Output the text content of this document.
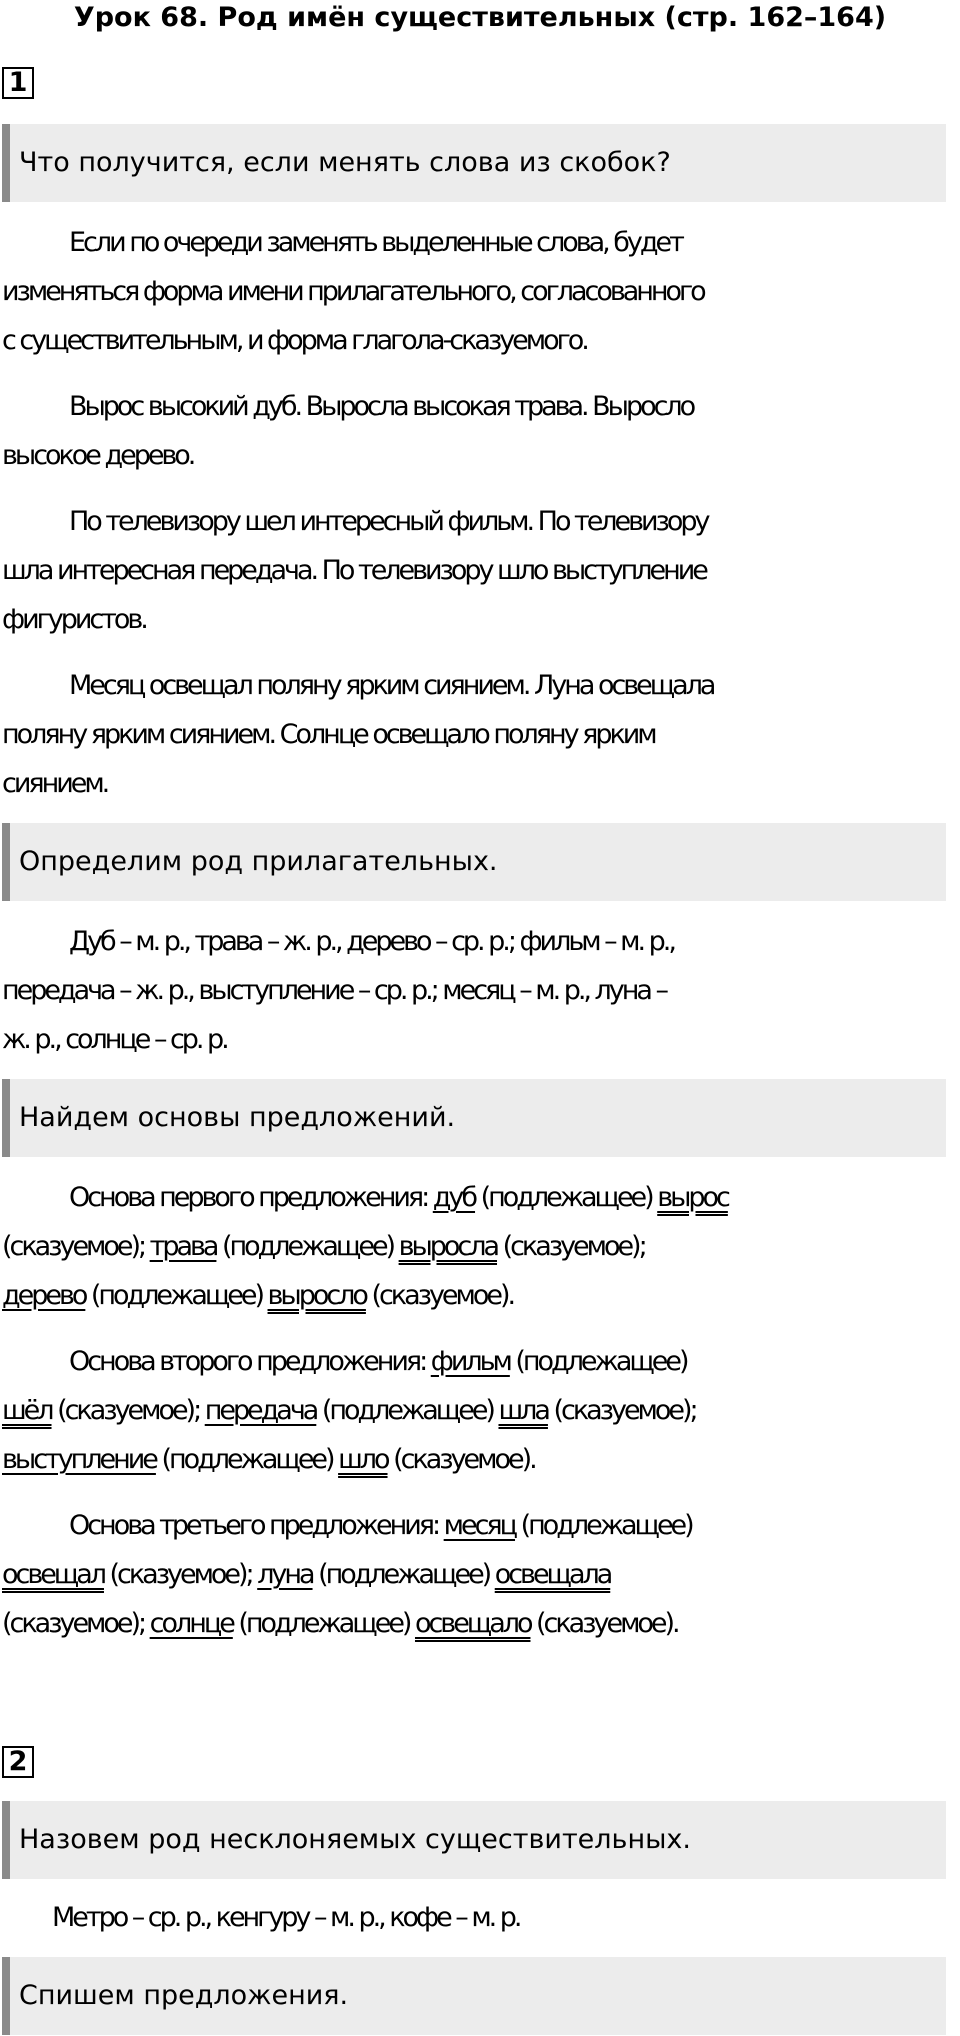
Урок 68. Род имён существительных (стр. 162–164)
1
Что получится, если менять слова из скобок?
Если по очереди заменять выделенные слова, будет
изменяться форма имени прилагательного, согласованного
с существительным, и форма глагола-сказуемого.
Вырос высокий дуб. Выросла высокая трава. Выросло
высокое дерево.
По телевизору шел интересный фильм. По телевизору
шла интересная передача. По телевизору шло выступление
фигуристов.
Месяц освещал поляну ярким сиянием. Луна освещала
поляну ярким сиянием. Солнце освещало поляну ярким
сиянием.
Определим род прилагательных.
Дуб – м. р., трава – ж. р., дерево – ср. р.; фильм – м. р.,
передача – ж. р., выступление – ср. р.; месяц – м. р., луна –
ж. р., солнце – ср. р.
Найдем основы предложений.
Основа первого предложения: дуб (подлежащее) вырос
(сказуемое); трава (подлежащее) выросла (сказуемое);
дерево (подлежащее) выросло (сказуемое).
Основа второго предложения: фильм (подлежащее)
шёл (сказуемое); передача (подлежащее) шла (сказуемое);
выступление (подлежащее) шло (сказуемое).
Основа третьего предложения: месяц (подлежащее)
освещал (сказуемое); луна (подлежащее) освещала
(сказуемое); солнце (подлежащее) освещало (сказуемое).
2
Назовем род несклоняемых существительных.
Метро – ср. р., кенгуру – м. р., кофе – м. р.
Спишем предложения.
